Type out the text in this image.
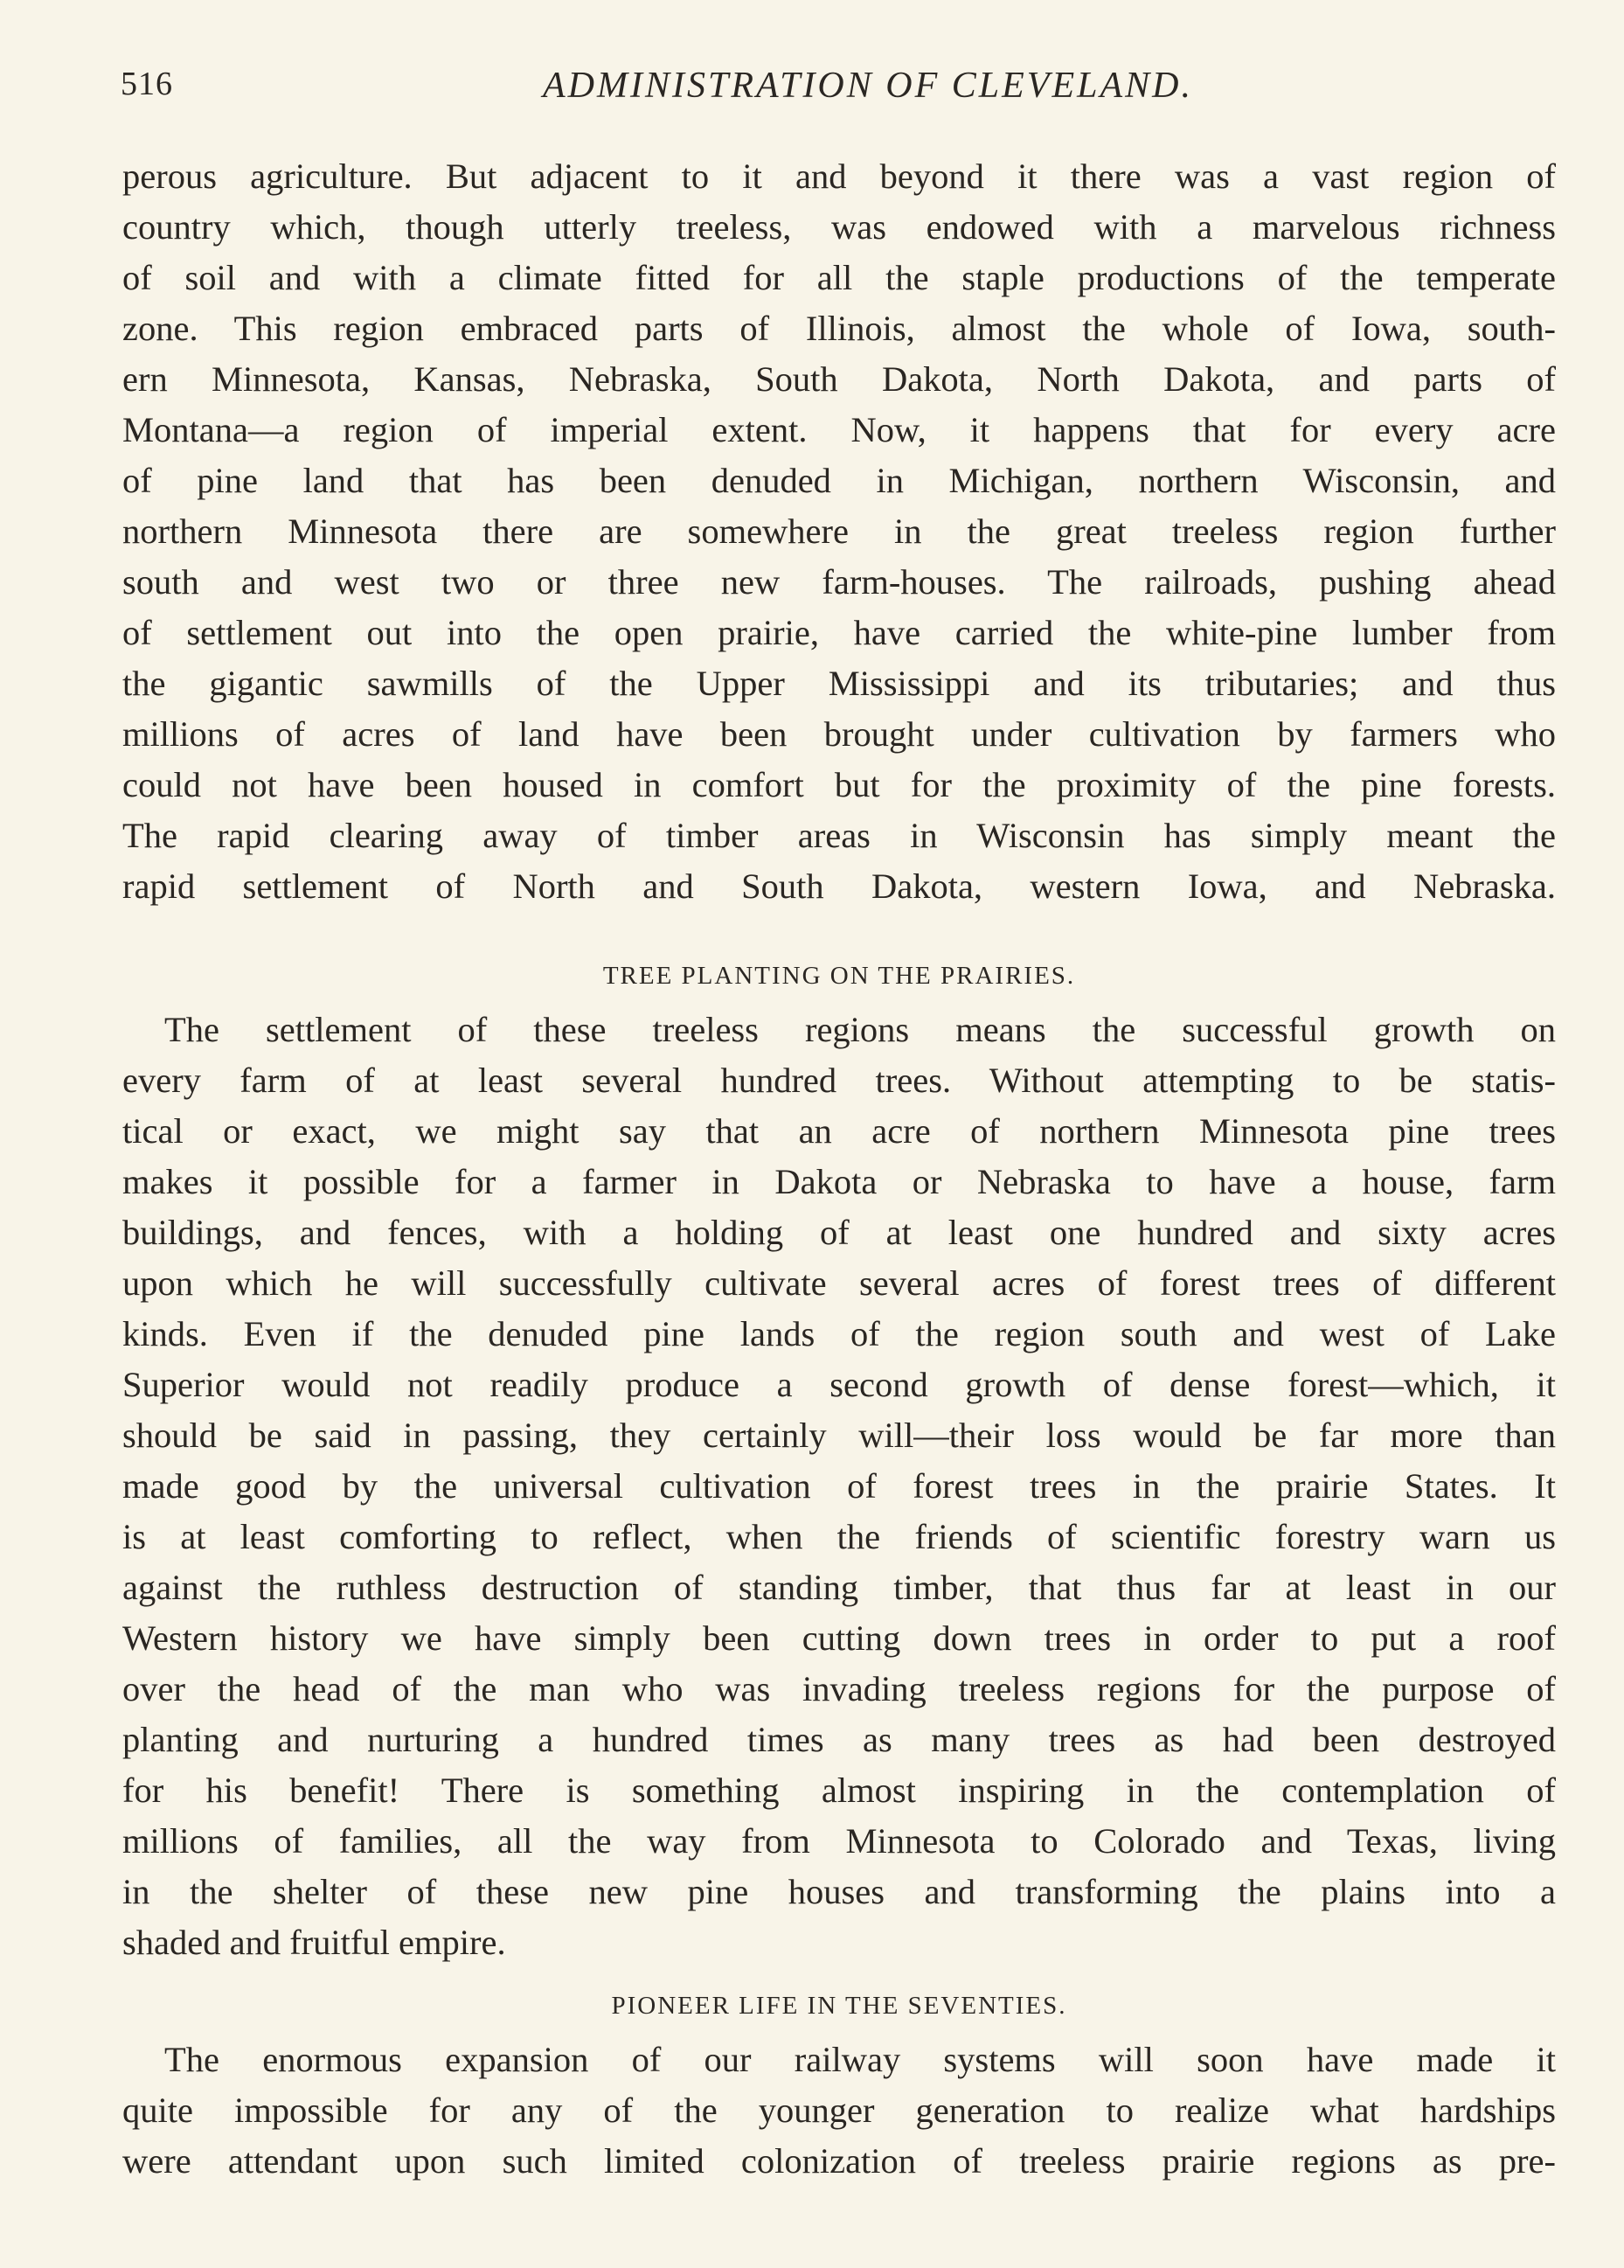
516	ADMINISTRATION OF CLEVELAND.
perous agriculture. But adjacent to it and beyond it there was a vast region of
country which, though utterly treeless, was endowed with a marvelous richness
of soil and with a climate fitted for all the staple productions of the temperate
zone. This region embraced parts of Illinois, almost the whole of Iowa, south-
ern Minnesota, Kansas, Nebraska, South Dakota, North Dakota, and parts of
Montana—a region of imperial extent. Now, it happens that for every acre
of pine land that has been denuded in Michigan, northern Wisconsin, and
northern Minnesota there are somewhere in the great treeless region further
south and west two or three new farm-houses. The railroads, pushing ahead
of settlement out into the open prairie, have carried the white-pine lumber from
the gigantic sawmills of the Upper Mississippi and its tributaries; and thus
millions of acres of land have been brought under cultivation by farmers who
could not have been housed in comfort but for the proximity of the pine forests.
The rapid clearing away of timber areas in Wisconsin has simply meant the
rapid settlement of North and South Dakota, western Iowa, and Nebraska.
TREE PLANTING ON THE PRAIRIES.
The settlement of these treeless regions means the successful growth on
every farm of at least several hundred trees. Without attempting to be statis-
tical or exact, we might say that an acre of northern Minnesota pine trees
makes it possible for a farmer in Dakota or Nebraska to have a house, farm
buildings, and fences, with a holding of at least one hundred and sixty acres
upon which he will successfully cultivate several acres of forest trees of different
kinds. Even if the denuded pine lands of the region south and west of Lake
Superior would not readily produce a second growth of dense forest—which, it
should be said in passing, they certainly will—their loss would be far more than
made good by the universal cultivation of forest trees in the prairie States. It
is at least comforting to reflect, when the friends of scientific forestry warn us
against the ruthless destruction of standing timber, that thus far at least in our
Western history we have simply been cutting down trees in order to put a roof
over the head of the man who was invading treeless regions for the purpose of
planting and nurturing a hundred times as many trees as had been destroyed
for his benefit! There is something almost inspiring in the contemplation of
millions of families, all the way from Minnesota to Colorado and Texas, living
in the shelter of these new pine houses and transforming the plains into a
shaded and fruitful empire.
PIONEER LIFE IN THE SEVENTIES.
The enormous expansion of our railway systems will soon have made it
quite impossible for any of the younger generation to realize what hardships
were attendant upon such limited colonization of treeless prairie regions as pre-
